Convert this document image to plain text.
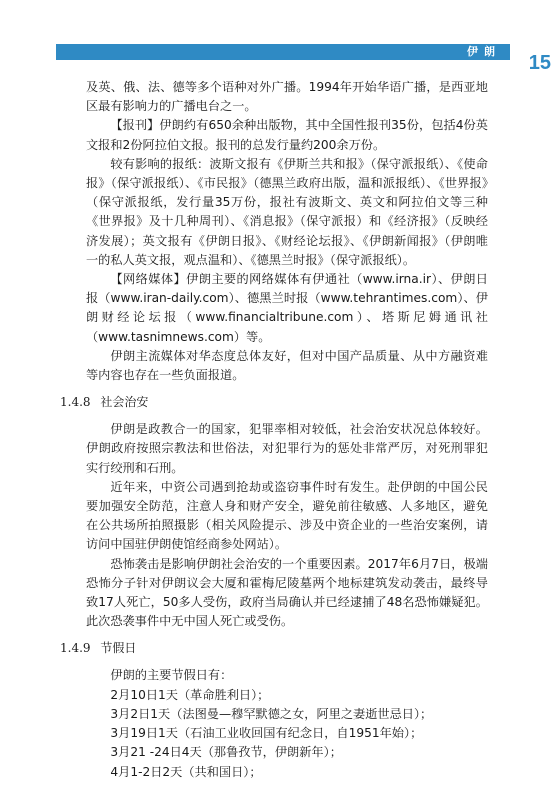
伊朗
15

及英、俄、法、德等多个语种对外广播。1994年开始华语广播，是西亚地区最有影响力的广播电台之一。

【报刊】伊朗约有650余种出版物，其中全国性报刊35份，包括4份英文报和2份阿拉伯文报。报刊的总发行量约200余万份。

较有影响的报纸：波斯文报有《伊斯兰共和报》（保守派报纸）、《使命报》（保守派报纸）、《市民报》（德黑兰政府出版，温和派报纸）、《世界报》（保守派报纸，发行量35万份，报社有波斯文、英文和阿拉伯文等三种《世界报》及十几种周刊）、《消息报》（保守派报）和《经济报》（反映经济发展）；英文报有《伊朗日报》、《财经论坛报》、《伊朗新闻报》（伊朗唯一的私人英文报，观点温和）、《德黑兰时报》（保守派报纸）。

【网络媒体】伊朗主要的网络媒体有伊通社（www.irna.ir）、伊朗日报（www.iran-daily.com）、德黑兰时报（www.tehrantimes.com）、伊朗财经论坛报（www.financialtribune.com）、塔斯尼姆通讯社（www.tasnimnews.com）等。

伊朗主流媒体对华态度总体友好，但对中国产品质量、从中方融资难等内容也存在一些负面报道。

1.4.8 社会治安

伊朗是政教合一的国家，犯罪率相对较低，社会治安状况总体较好。伊朗政府按照宗教法和世俗法，对犯罪行为的惩处非常严厉，对死刑罪犯实行绞刑和石刑。

近年来，中资公司遇到抢劫或盗窃事件时有发生。赴伊朗的中国公民要加强安全防范，注意人身和财产安全，避免前往敏感、人多地区，避免在公共场所拍照摄影（相关风险提示、涉及中资企业的一些治安案例，请访问中国驻伊朗使馆经商参处网站）。

恐怖袭击是影响伊朗社会治安的一个重要因素。2017年6月7日，极端恐怖分子针对伊朗议会大厦和霍梅尼陵墓两个地标建筑发动袭击，最终导致17人死亡，50多人受伤，政府当局确认并已经逮捕了48名恐怖嫌疑犯。此次恐袭事件中无中国人死亡或受伤。

1.4.9 节假日

伊朗的主要节假日有：

2月10日1天（革命胜利日）；

3月2日1天（法图曼—穆罕默德之女，阿里之妻逝世忌日）；

3月19日1天（石油工业收回国有纪念日，自1951年始）；

3月21 -24日4天（那鲁孜节，伊朗新年）；

4月1-2日2天（共和国日）；
